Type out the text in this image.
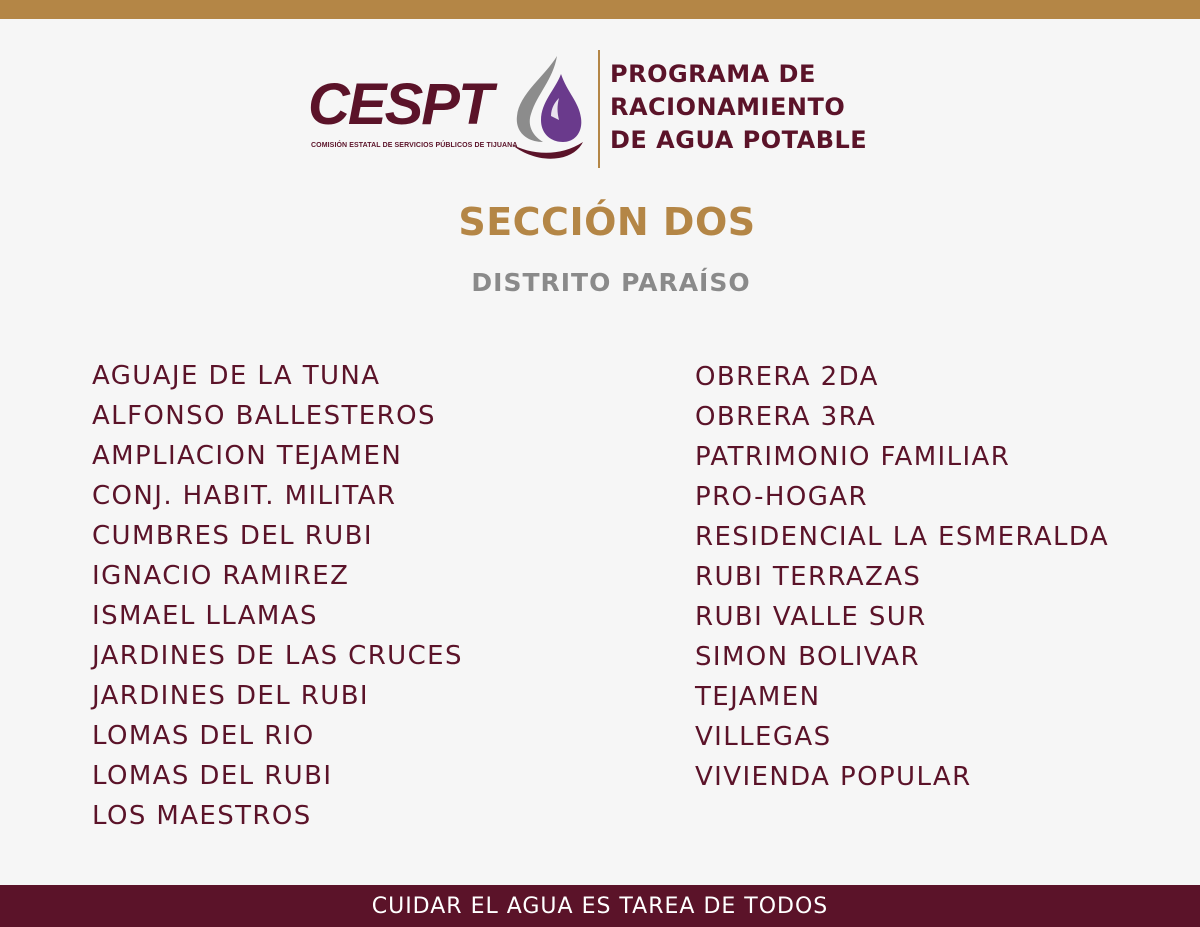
CESPT
COMISIÓN ESTATAL DE SERVICIOS PÚBLICOS DE TIJUANA
PROGRAMA DE
RACIONAMIENTO
DE AGUA POTABLE
SECCIÓN DOS
DISTRITO PARAÍSO
AGUAJE DE LA TUNA
ALFONSO BALLESTEROS
AMPLIACION TEJAMEN
CONJ. HABIT. MILITAR
CUMBRES DEL RUBI
IGNACIO RAMIREZ
ISMAEL LLAMAS
JARDINES DE LAS CRUCES
JARDINES DEL RUBI
LOMAS DEL RIO
LOMAS DEL RUBI
LOS MAESTROS
OBRERA 2DA
OBRERA 3RA
PATRIMONIO FAMILIAR
PRO-HOGAR
RESIDENCIAL LA ESMERALDA
RUBI TERRAZAS
RUBI VALLE SUR
SIMON BOLIVAR
TEJAMEN
VILLEGAS
VIVIENDA POPULAR
CUIDAR EL AGUA ES TAREA DE TODOS
